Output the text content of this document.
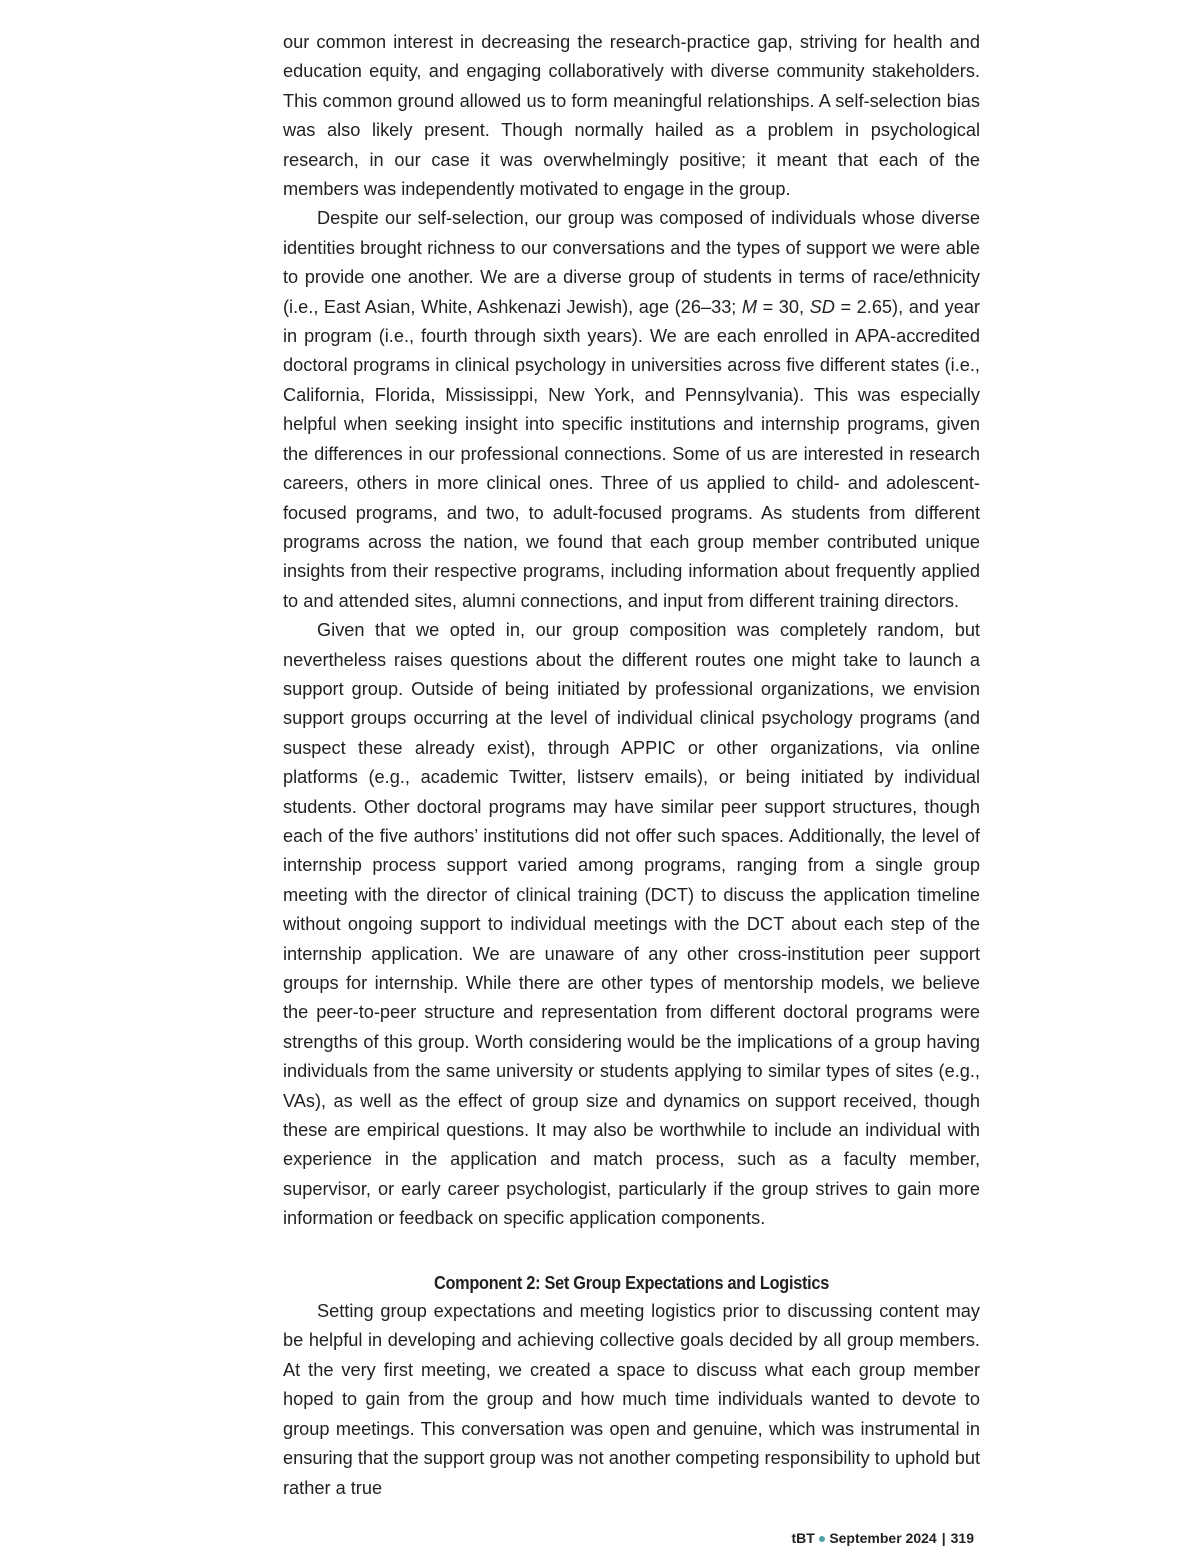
our common interest in decreasing the research-practice gap, striving for health and education equity, and engaging collaboratively with diverse community stakeholders. This common ground allowed us to form meaningful relationships. A self-selection bias was also likely present. Though normally hailed as a problem in psychological research, in our case it was overwhelmingly positive; it meant that each of the members was independently motivated to engage in the group.

Despite our self-selection, our group was composed of individuals whose diverse identities brought richness to our conversations and the types of support we were able to provide one another. We are a diverse group of students in terms of race/ethnicity (i.e., East Asian, White, Ashkenazi Jewish), age (26–33; M = 30, SD = 2.65), and year in program (i.e., fourth through sixth years). We are each enrolled in APA-accredited doctoral programs in clinical psychology in universities across five different states (i.e., California, Florida, Mississippi, New York, and Pennsylvania). This was especially helpful when seeking insight into specific institutions and internship programs, given the differences in our professional connections. Some of us are interested in research careers, others in more clinical ones. Three of us applied to child- and adolescent-focused programs, and two, to adult-focused programs. As students from different programs across the nation, we found that each group member contributed unique insights from their respective programs, including information about frequently applied to and attended sites, alumni connections, and input from different training directors.

Given that we opted in, our group composition was completely random, but nevertheless raises questions about the different routes one might take to launch a support group. Outside of being initiated by professional organizations, we envision support groups occurring at the level of individual clinical psychology programs (and suspect these already exist), through APPIC or other organizations, via online platforms (e.g., academic Twitter, listserv emails), or being initiated by individual students. Other doctoral programs may have similar peer support structures, though each of the five authors’ institutions did not offer such spaces. Additionally, the level of internship process support varied among programs, ranging from a single group meeting with the director of clinical training (DCT) to discuss the application timeline without ongoing support to individual meetings with the DCT about each step of the internship application. We are unaware of any other cross-institution peer support groups for internship. While there are other types of mentorship models, we believe the peer-to-peer structure and representation from different doctoral programs were strengths of this group. Worth considering would be the implications of a group having individuals from the same university or students applying to similar types of sites (e.g., VAs), as well as the effect of group size and dynamics on support received, though these are empirical questions. It may also be worthwhile to include an individual with experience in the application and match process, such as a faculty member, supervisor, or early career psychologist, particularly if the group strives to gain more information or feedback on specific application components.

Component 2: Set Group Expectations and Logistics

Setting group expectations and meeting logistics prior to discussing content may be helpful in developing and achieving collective goals decided by all group members. At the very first meeting, we created a space to discuss what each group member hoped to gain from the group and how much time individuals wanted to devote to group meetings. This conversation was open and genuine, which was instrumental in ensuring that the support group was not another competing responsibility to uphold but rather a true

tBT ● September 2024 | 319
